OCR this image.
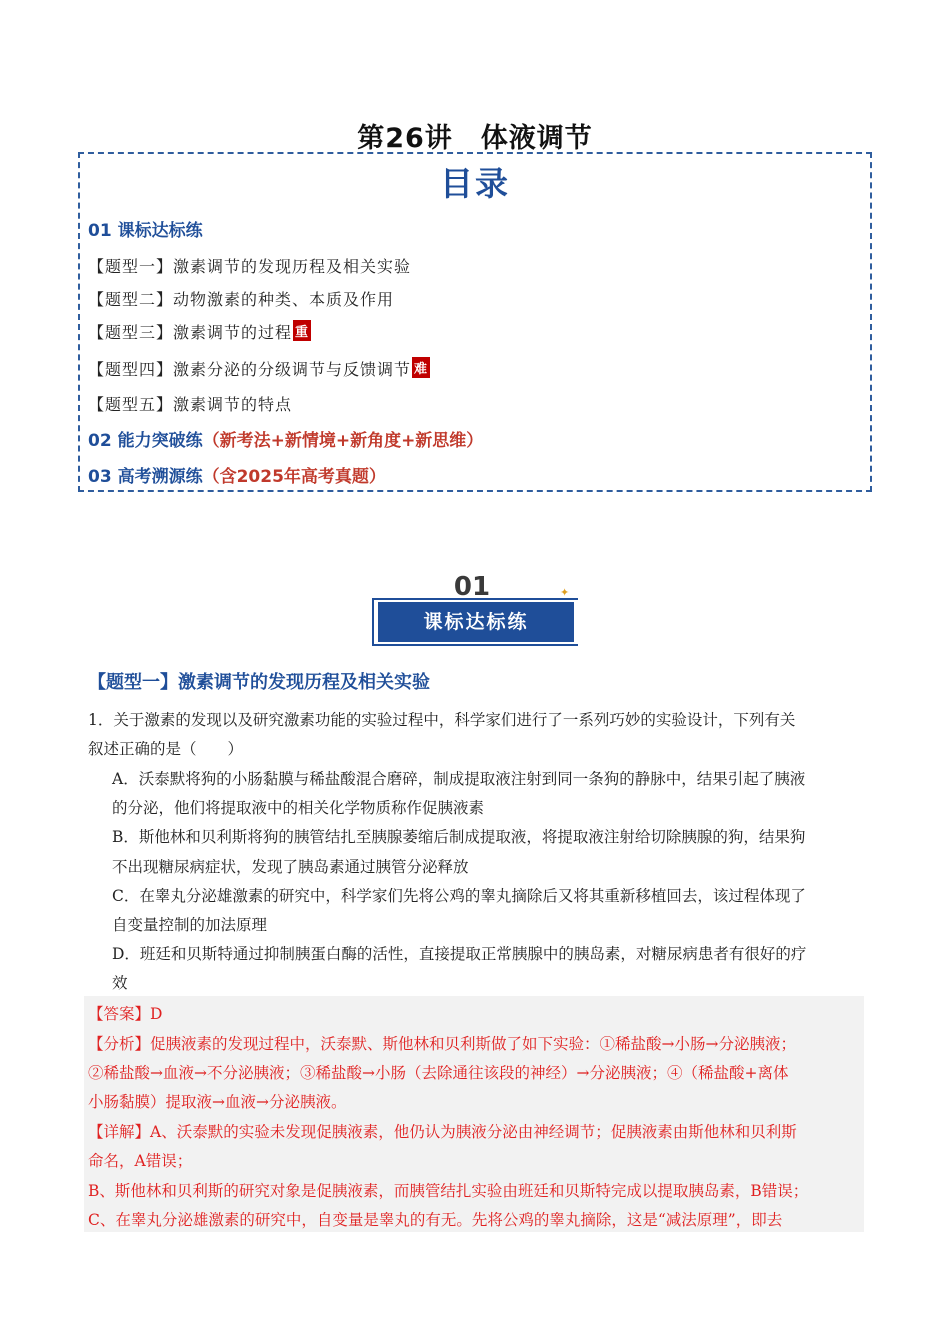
第26讲　体液调节
目录
01 课标达标练
【题型一】激素调节的发现历程及相关实验
【题型二】动物激素的种类、本质及作用
【题型三】激素调节的过程 重
【题型四】激素分泌的分级调节与反馈调节 难
【题型五】激素调节的特点
02 能力突破练（新考法+新情境+新角度+新思维）
03 高考溯源练（含2025年高考真题）
01
课标达标练
✦
【题型一】激素调节的发现历程及相关实验
1．关于激素的发现以及研究激素功能的实验过程中，科学家们进行了一系列巧妙的实验设计，下列有关
叙述正确的是（　　）
A．沃泰默将狗的小肠黏膜与稀盐酸混合磨碎，制成提取液注射到同一条狗的静脉中，结果引起了胰液
的分泌，他们将提取液中的相关化学物质称作促胰液素
B．斯他林和贝利斯将狗的胰管结扎至胰腺萎缩后制成提取液，将提取液注射给切除胰腺的狗，结果狗
不出现糖尿病症状，发现了胰岛素通过胰管分泌释放
C．在睾丸分泌雄激素的研究中，科学家们先将公鸡的睾丸摘除后又将其重新移植回去，该过程体现了
自变量控制的加法原理
D．班廷和贝斯特通过抑制胰蛋白酶的活性，直接提取正常胰腺中的胰岛素，对糖尿病患者有很好的疗
效
【答案】D
【分析】促胰液素的发现过程中，沃泰默、斯他林和贝利斯做了如下实验：①稀盐酸→小肠→分泌胰液；
②稀盐酸→血液→不分泌胰液；③稀盐酸→小肠（去除通往该段的神经）→分泌胰液；④（稀盐酸+离体
小肠黏膜）提取液→血液→分泌胰液。
【详解】A、沃泰默的实验未发现促胰液素，他仍认为胰液分泌由神经调节；促胰液素由斯他林和贝利斯
命名，A错误；
B、斯他林和贝利斯的研究对象是促胰液素，而胰管结扎实验由班廷和贝斯特完成以提取胰岛素，B错误；
C、在睾丸分泌雄激素的研究中，自变量是睾丸的有无。先将公鸡的睾丸摘除，这是“减法原理”，即去
